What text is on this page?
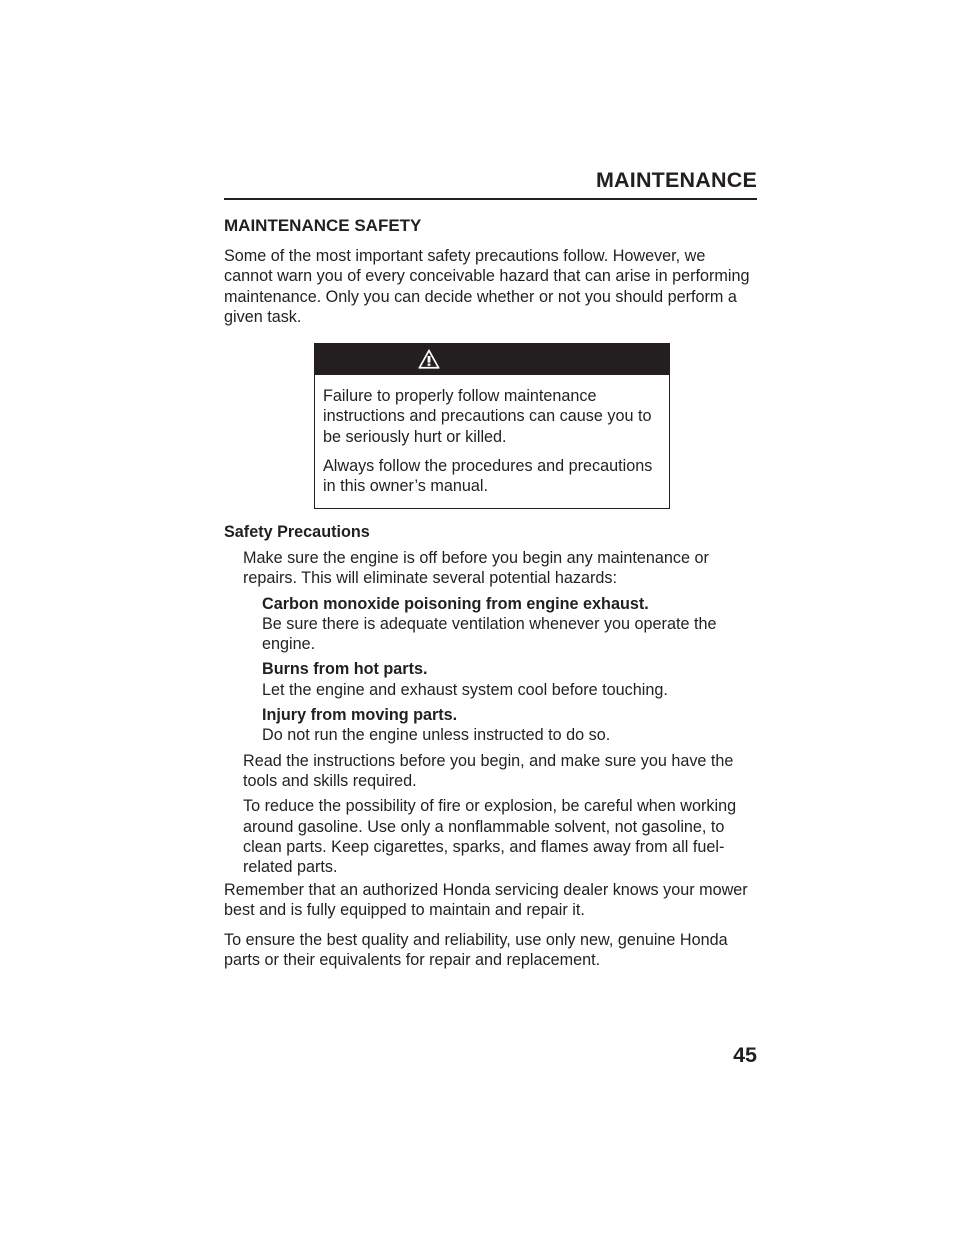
MAINTENANCE
MAINTENANCE SAFETY

Some of the most important safety precautions follow. However, we cannot warn you of every conceivable hazard that can arise in performing maintenance. Only you can decide whether or not you should perform a given task.

Failure to properly follow maintenance instructions and precautions can cause you to be seriously hurt or killed.

Always follow the procedures and precautions in this owner’s manual.

Safety Precautions

Make sure the engine is off before you begin any maintenance or repairs. This will eliminate several potential hazards:

Carbon monoxide poisoning from engine exhaust.

Be sure there is adequate ventilation whenever you operate the engine.

Burns from hot parts.

Let the engine and exhaust system cool before touching.

Injury from moving parts.

Do not run the engine unless instructed to do so.

Read the instructions before you begin, and make sure you have the tools and skills required.

To reduce the possibility of fire or explosion, be careful when working around gasoline. Use only a nonflammable solvent, not gasoline, to clean parts. Keep cigarettes, sparks, and flames away from all fuel-related parts.

Remember that an authorized Honda servicing dealer knows your mower best and is fully equipped to maintain and repair it.

To ensure the best quality and reliability, use only new, genuine Honda parts or their equivalents for repair and replacement.

45
